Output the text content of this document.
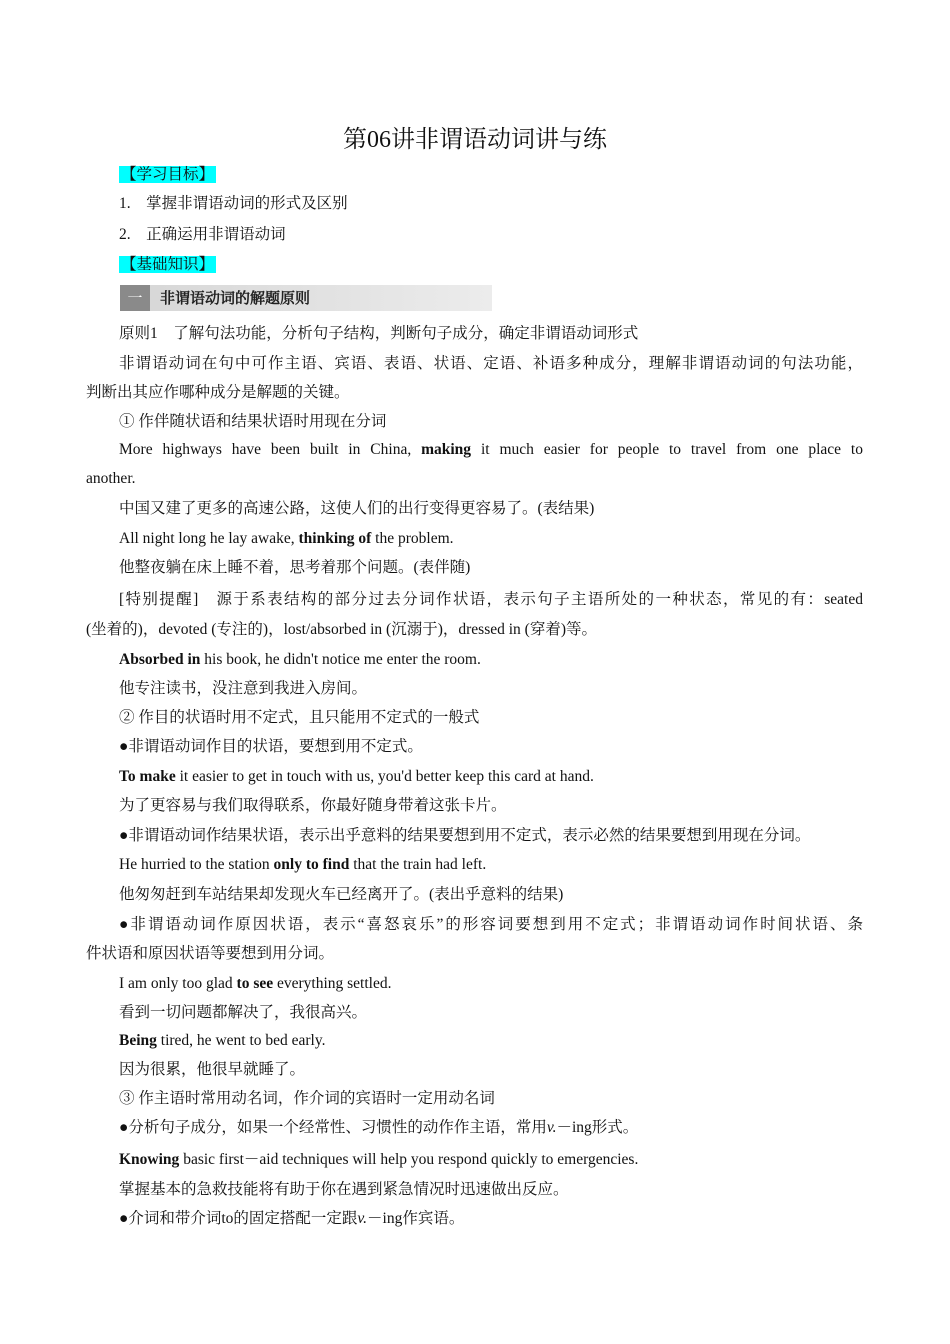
第06讲非谓语动词讲与练
【学习目标】
1.　掌握非谓语动词的形式及区别
2.　正确运用非谓语动词
【基础知识】
一	非谓语动词的解题原则
原则1　了解句法功能，分析句子结构，判断句子成分，确定非谓语动词形式
非谓语动词在句中可作主语、宾语、表语、状语、定语、补语多种成分，理解非谓语动词的句法功能，
判断出其应作哪种成分是解题的关键。
① 作伴随状语和结果状语时用现在分词
More highways have been built in China, making it much easier for people to travel from one place to
another.
中国又建了更多的高速公路，这使人们的出行变得更容易了。(表结果)
All night long he lay awake, thinking of the problem.
他整夜躺在床上睡不着，思考着那个问题。(表伴随)
[特别提醒]　源于系表结构的部分过去分词作状语，表示句子主语所处的一种状态，常见的有：seated
(坐着的)，devoted (专注的)，lost/absorbed in (沉溺于)，dressed in (穿着)等。
Absorbed in his book, he didn't notice me enter the room.
他专注读书，没注意到我进入房间。
② 作目的状语时用不定式，且只能用不定式的一般式
●非谓语动词作目的状语，要想到用不定式。
To make it easier to get in touch with us, you'd better keep this card at hand.
为了更容易与我们取得联系，你最好随身带着这张卡片。
●非谓语动词作结果状语，表示出乎意料的结果要想到用不定式，表示必然的结果要想到用现在分词。
He hurried to the station only to find that the train had left.
他匆匆赶到车站结果却发现火车已经离开了。(表出乎意料的结果)
●非谓语动词作原因状语，表示“喜怒哀乐”的形容词要想到用不定式；非谓语动词作时间状语、条
件状语和原因状语等要想到用分词。
I am only too glad to see everything settled.
看到一切问题都解决了，我很高兴。
Being tired, he went to bed early.
因为很累，他很早就睡了。
③ 作主语时常用动名词，作介词的宾语时一定用动名词
●分析句子成分，如果一个经常性、习惯性的动作作主语，常用v.－ing形式。
Knowing basic first－aid techniques will help you respond quickly to emergencies.
掌握基本的急救技能将有助于你在遇到紧急情况时迅速做出反应。
●介词和带介词to的固定搭配一定跟v.－ing作宾语。
